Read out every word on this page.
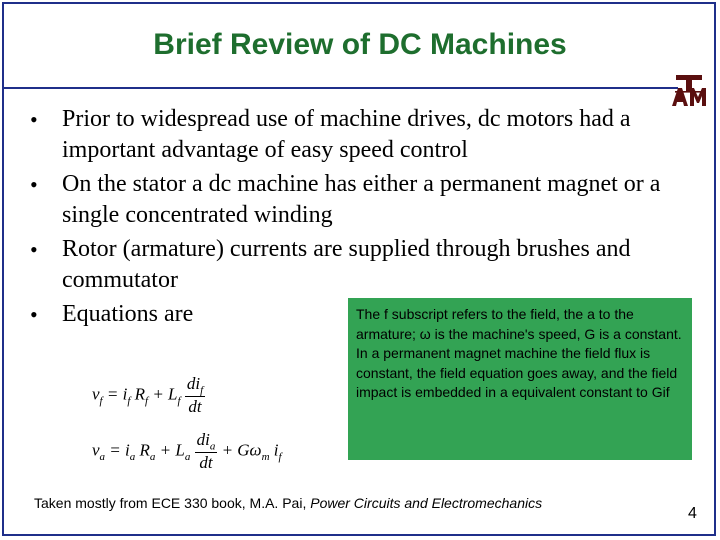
Brief Review of DC Machines
• Prior to widespread use of machine drives, dc motors had a important advantage of easy speed control
• On the stator a dc machine has either a permanent magnet or a single concentrated winding
• Rotor (armature) currents are supplied through brushes and commutator
• Equations are
$v_f = i_f$ $R_f + L_f \frac{di_f}{dt}$
$v_a = i_a$ $R_a + L_a \frac{di_a}{dt} + G\omega_m$ $i_f$
The f subscript refers to the field, the a to the armature; ω is the machine's speed, G is a constant. In a permanent magnet machine the field flux is constant, the field equation goes away, and the field impact is embedded in a equivalent constant to Gif
Taken mostly from ECE 330 book, M.A. Pai, Power Circuits and Electromechanics
4
